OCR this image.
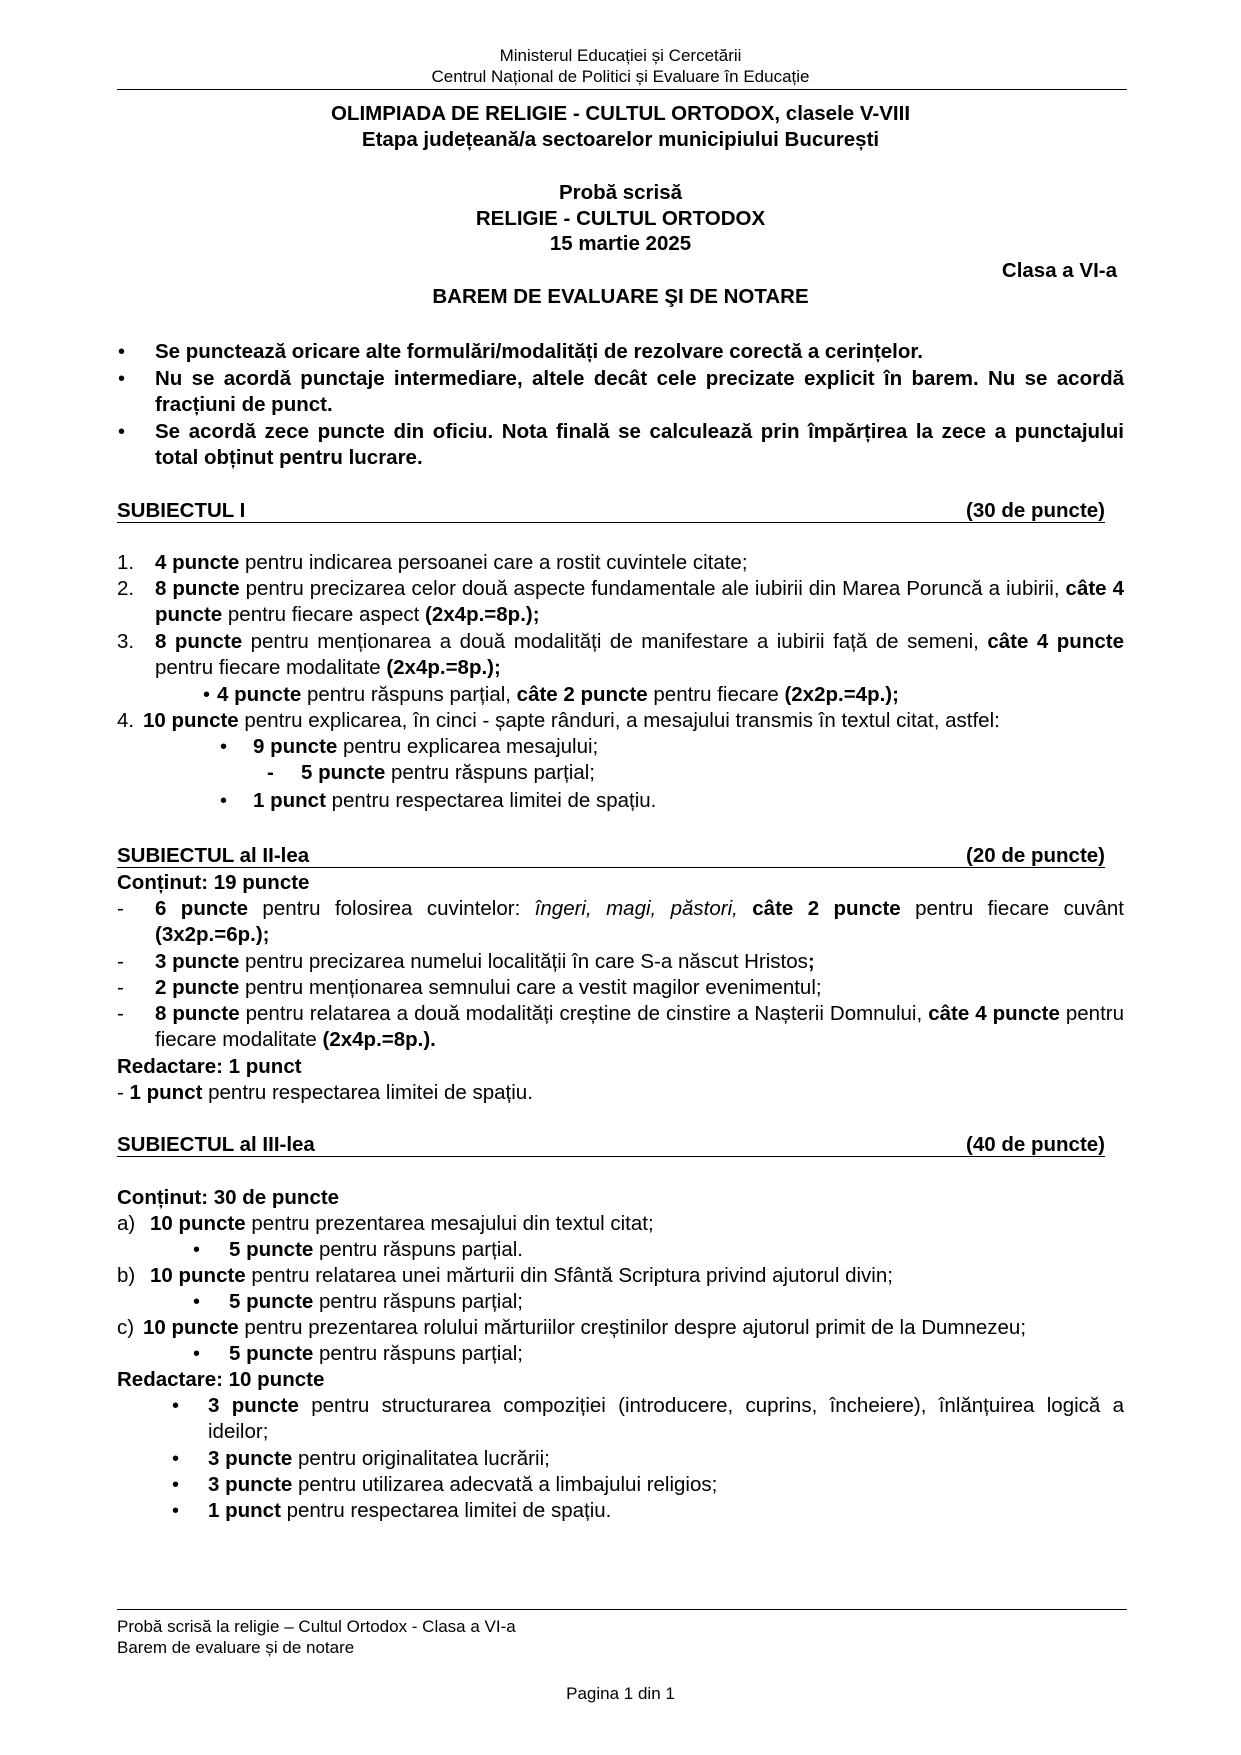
Ministerul Educației și Cercetării
Centrul Național de Politici și Evaluare în Educație
OLIMPIADA DE RELIGIE - CULTUL ORTODOX, clasele V-VIII
Etapa județeană/a sectoarelor municipiului București
Probă scrisă
RELIGIE - CULTUL ORTODOX
15 martie 2025
Clasa a VI-a
BAREM DE EVALUARE ŞI DE NOTARE
• Se punctează oricare alte formulări/modalități de rezolvare corectă a cerințelor.
• Nu se acordă punctaje intermediare, altele decât cele precizate explicit în barem. Nu se acordă fracțiuni de punct.
• Se acordă zece puncte din oficiu. Nota finală se calculează prin împărțirea la zece a punctajului total obținut pentru lucrare.
SUBIECTUL I	(30 de puncte)
1. 4 puncte pentru indicarea persoanei care a rostit cuvintele citate;
2. 8 puncte pentru precizarea celor două aspecte fundamentale ale iubirii din Marea Poruncă a iubirii, câte 4 puncte pentru fiecare aspect (2x4p.=8p.);
3. 8 puncte pentru menționarea a două modalități de manifestare a iubirii față de semeni, câte 4 puncte pentru fiecare modalitate (2x4p.=8p.);
• 4 puncte pentru răspuns parțial, câte 2 puncte pentru fiecare (2x2p.=4p.);
4. 10 puncte pentru explicarea, în cinci - șapte rânduri, a mesajului transmis în textul citat, astfel:
• 9 puncte pentru explicarea mesajului;
- 5 puncte pentru răspuns parțial;
• 1 punct pentru respectarea limitei de spațiu.
SUBIECTUL al II-lea	(20 de puncte)
Conținut: 19 puncte
- 6 puncte pentru folosirea cuvintelor: îngeri, magi, păstori, câte 2 puncte pentru fiecare cuvânt (3x2p.=6p.);
- 3 puncte pentru precizarea numelui localității în care S-a născut Hristos;
- 2 puncte pentru menționarea semnului care a vestit magilor evenimentul;
- 8 puncte pentru relatarea a două modalități creștine de cinstire a Nașterii Domnului, câte 4 puncte pentru fiecare modalitate (2x4p.=8p.).
Redactare: 1 punct
- 1 punct pentru respectarea limitei de spațiu.
SUBIECTUL al III-lea	(40 de puncte)
Conținut: 30 de puncte
a) 10 puncte pentru prezentarea mesajului din textul citat;
• 5 puncte pentru răspuns parțial.
b) 10 puncte pentru relatarea unei mărturii din Sfântă Scriptura privind ajutorul divin;
• 5 puncte pentru răspuns parțial;
c) 10 puncte pentru prezentarea rolului mărturiilor creștinilor despre ajutorul primit de la Dumnezeu;
• 5 puncte pentru răspuns parțial;
Redactare: 10 puncte
• 3 puncte pentru structurarea compoziției (introducere, cuprins, încheiere), înlănțuirea logică a ideilor;
• 3 puncte pentru originalitatea lucrării;
• 3 puncte pentru utilizarea adecvată a limbajului religios;
• 1 punct pentru respectarea limitei de spațiu.
Probă scrisă la religie – Cultul Ortodox - Clasa a VI-a
Barem de evaluare și de notare
Pagina 1 din 1
